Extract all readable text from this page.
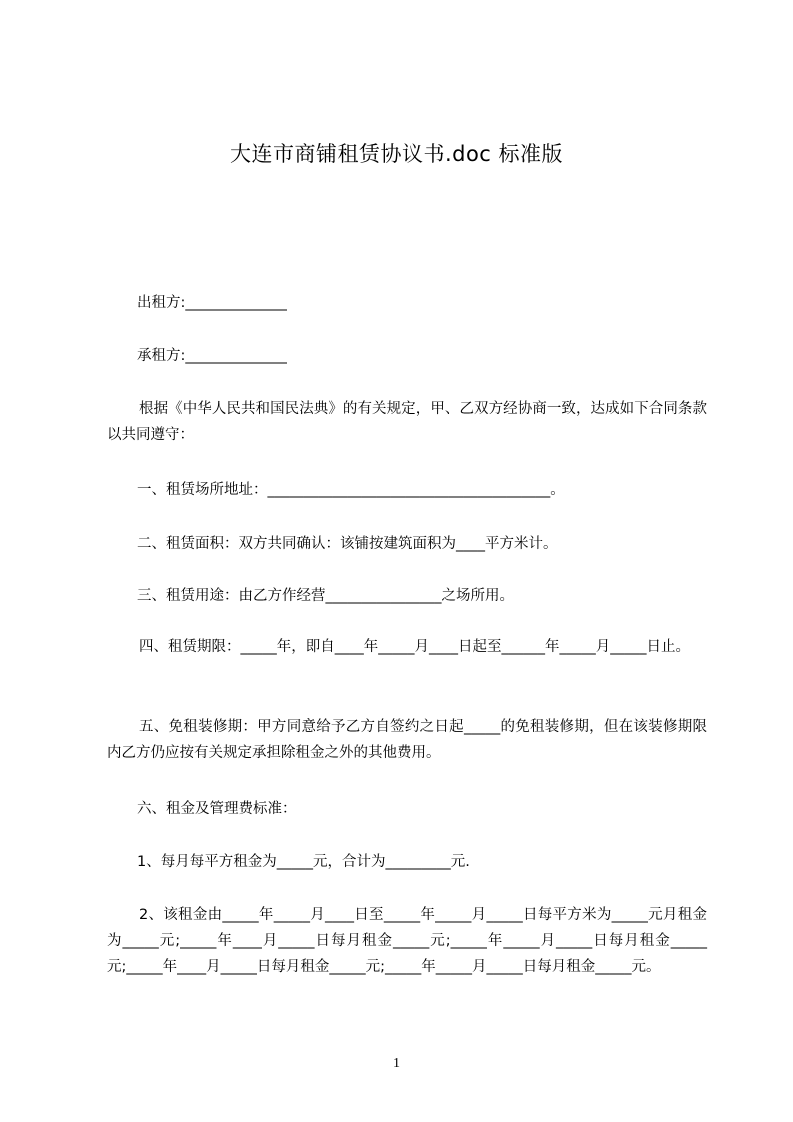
大连市商铺租赁协议书.doc 标准版
出租方:______________
承租方:______________
根据《中华人民共和国民法典》的有关规定，甲、乙双方经协商一致，达成如下合同条款以共同遵守：
一、租赁场所地址：_______________________________________。
二、租赁面积：双方共同确认：该铺按建筑面积为____平方米计。
三、租赁用途：由乙方作经营________________之场所用。
四、租赁期限：_____年，即自____年_____月____日起至______年_____月_____日止。
五、免租装修期：甲方同意给予乙方自签约之日起_____的免租装修期，但在该装修期限内乙方仍应按有关规定承担除租金之外的其他费用。
六、租金及管理费标准：
1、每月每平方租金为_____元，合计为_________元.
2、该租金由_____年_____月____日至_____年_____月_____日每平方米为_____元月租金为_____元;_____年____月_____日每月租金_____元;_____年_____月_____日每月租金_____元;_____年____月_____日每月租金_____元;_____年_____月_____日每月租金_____元。
1
